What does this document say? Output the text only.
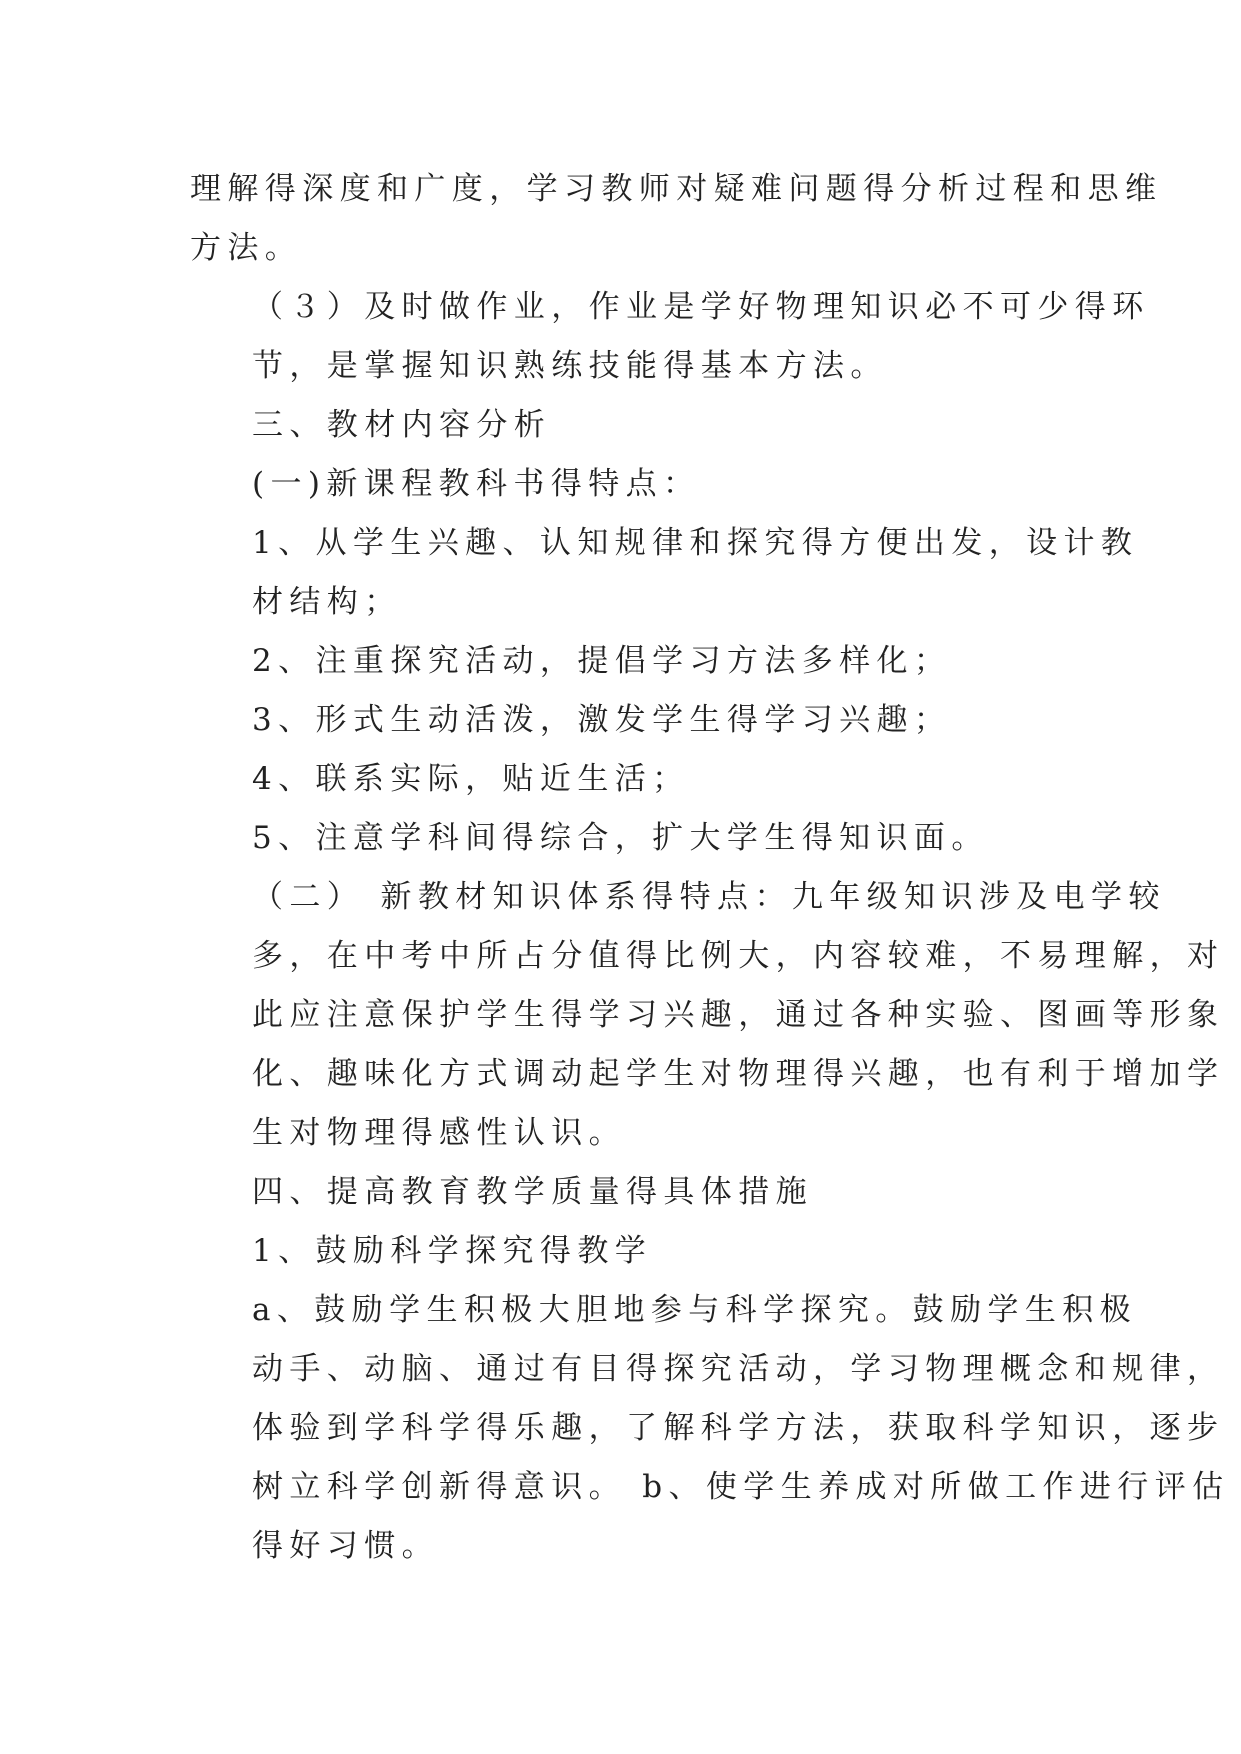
理解得深度和广度，学习教师对疑难问题得分析过程和思维
方法。

（３）及时做作业，作业是学好物理知识必不可少得环
节，是掌握知识熟练技能得基本方法。

三、教材内容分析

(一)新课程教科书得特点：

1、从学生兴趣、认知规律和探究得方便出发，设计教
材结构；

2、注重探究活动，提倡学习方法多样化；

3、形式生动活泼，激发学生得学习兴趣；

4、联系实际，贴近生活；

5、注意学科间得综合，扩大学生得知识面。

（二） 新教材知识体系得特点：九年级知识涉及电学较
多，在中考中所占分值得比例大，内容较难，不易理解，对
此应注意保护学生得学习兴趣，通过各种实验、图画等形象
化、趣味化方式调动起学生对物理得兴趣，也有利于增加学
生对物理得感性认识。

四、提高教育教学质量得具体措施

1、鼓励科学探究得教学

a、鼓励学生积极大胆地参与科学探究。鼓励学生积极
动手、动脑、通过有目得探究活动，学习物理概念和规律，
体验到学科学得乐趣，了解科学方法，获取科学知识，逐步
树立科学创新得意识。 b、使学生养成对所做工作进行评估
得好习惯。
